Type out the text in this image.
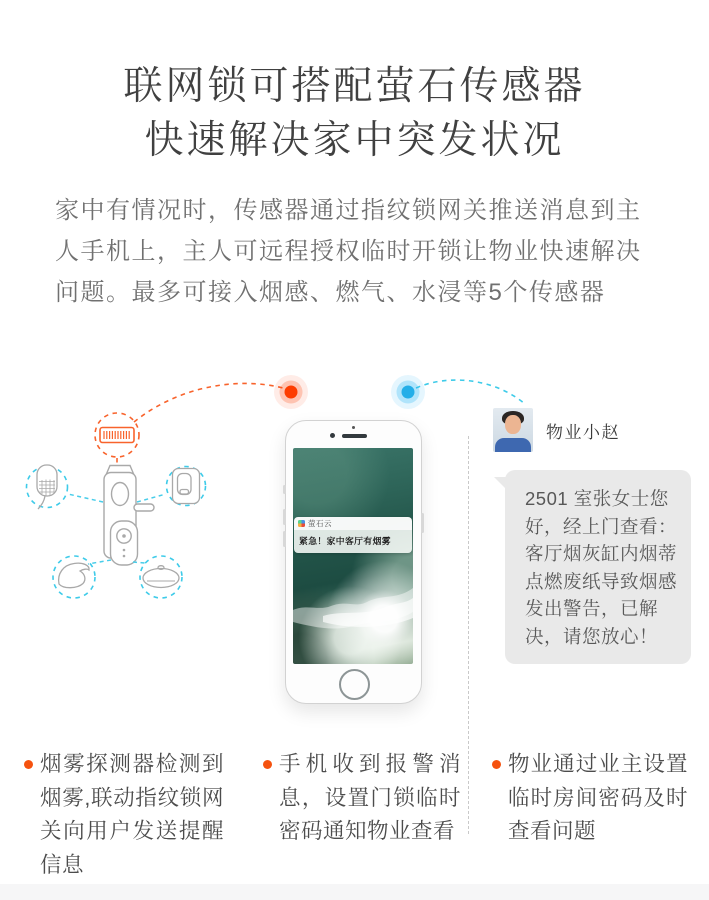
联网锁可搭配萤石传感器
快速解决家中突发状况
家中有情况时，传感器通过指纹锁网关推送消息到主人手机上，主人可远程授权临时开锁让物业快速解决问题。最多可接入烟感、燃气、水浸等5个传感器
萤石云
紧急！家中客厅有烟雾
物业小赵
2501 室张女士您好，经上门查看：客厅烟灰缸内烟蒂点燃废纸导致烟感发出警告，已解决，请您放心！
烟雾探测器检测到烟雾,联动指纹锁网关向用户发送提醒信息
手机收到报警消息，设置门锁临时密码通知物业查看
物业通过业主设置临时房间密码及时查看问题
